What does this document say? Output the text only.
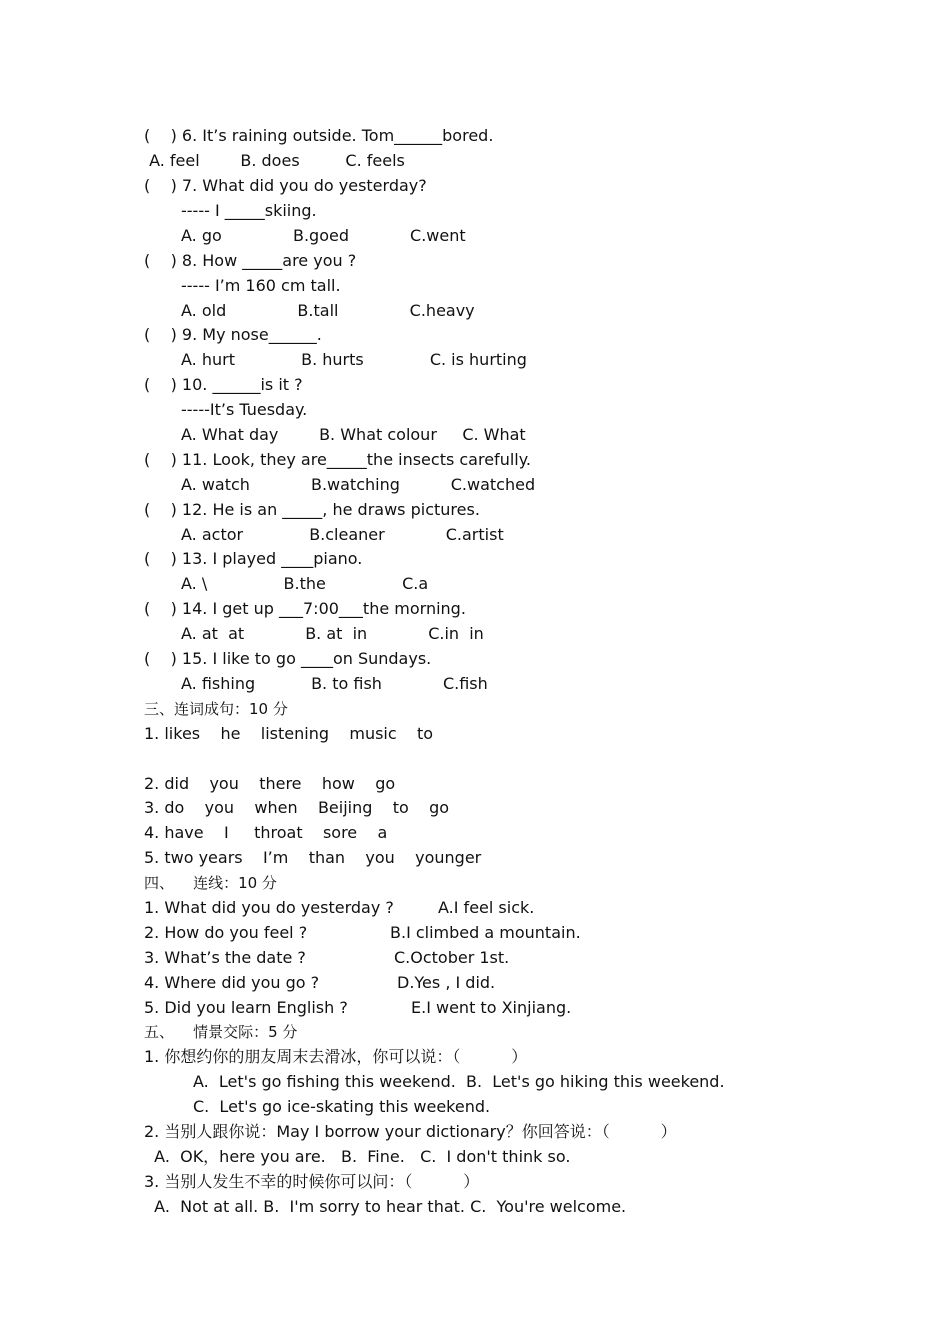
(    ) 6. It’s raining outside. Tom______bored.
A. feel        B. does         C. feels
(    ) 7. What did you do yesterday?
----- I _____skiing.
A. go              B.goed            C.went
(    ) 8. How _____are you ?
----- I’m 160 cm tall.
A. old              B.tall              C.heavy
(    ) 9. My nose______.
A. hurt             B. hurts             C. is hurting
(    ) 10. ______is it ?
-----It’s Tuesday.
A. What day        B. What colour     C. What
(    ) 11. Look, they are_____the insects carefully.
A. watch            B.watching          C.watched
(    ) 12. He is an _____, he draws pictures.
A. actor             B.cleaner            C.artist
(    ) 13. I played ____piano.
A. \               B.the               C.a
(    ) 14. I get up ___7:00___the morning.
A. at  at            B. at  in            C.in  in
(    ) 15. I like to go ____on Sundays.
A. fishing           B. to fish            C.fish
三、连词成句：10 分
1. likes    he    listening    music    to
2. did    you    there    how    go
3. do    you    when    Beijing    to    go
4. have    I     throat    sore    a
5. two years    I’m    than    you    younger
四、    连线：10 分
1. What did you do yesterday ?	A.I feel sick.
2. How do you feel ?	B.I climbed a mountain.
3. What’s the date ?	C.October 1st.
4. Where did you go ?	D.Yes , I did.
5. Did you learn English ?	E.I went to Xinjiang.
五、    情景交际：5 分
1. 你想约你的朋友周末去滑冰，你可以说：（          ）
A.  Let's go fishing this weekend.  B.  Let's go hiking this weekend.
C.  Let's go ice-skating this weekend.
2. 当别人跟你说：May I borrow your dictionary？你回答说：（          ）
A.  OK，here you are.   B.  Fine.   C.  I don't think so.
3. 当别人发生不幸的时候你可以问：（          ）
A.  Not at all. B.  I'm sorry to hear that. C.  You're welcome.
